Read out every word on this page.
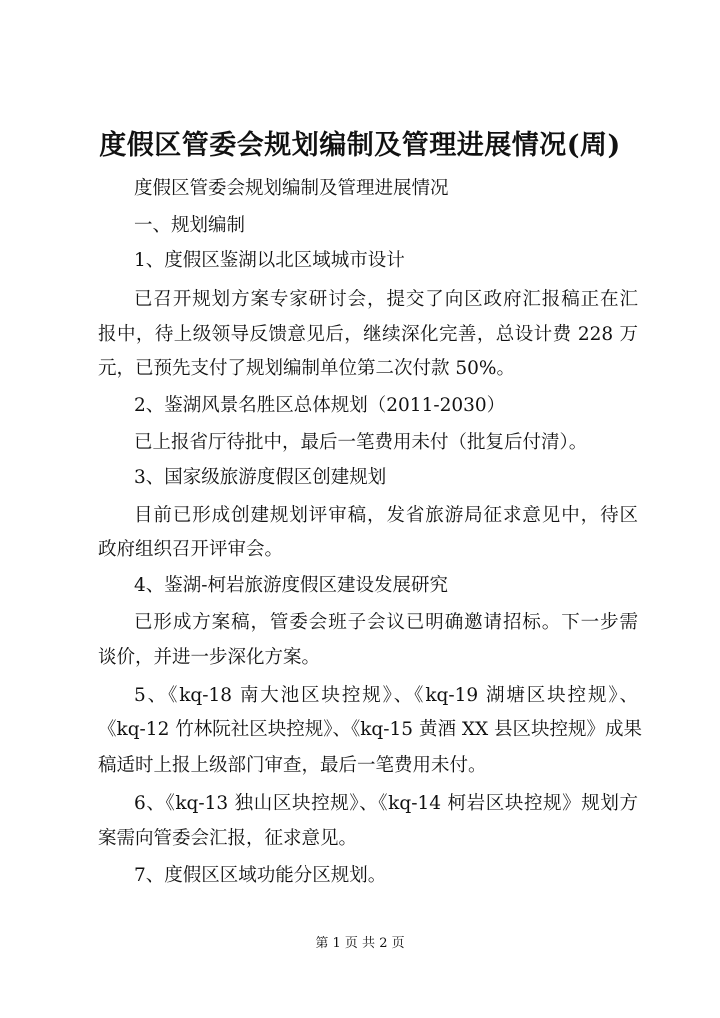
度假区管委会规划编制及管理进展情况(周)
度假区管委会规划编制及管理进展情况
一、规划编制
1、度假区鉴湖以北区域城市设计
已召开规划方案专家研讨会，提交了向区政府汇报稿正在汇
报中，待上级领导反馈意见后，继续深化完善，总设计费 228 万
元，已预先支付了规划编制单位第二次付款 50%。
2、鉴湖风景名胜区总体规划（2011-2030）
已上报省厅待批中，最后一笔费用未付（批复后付清）。
3、国家级旅游度假区创建规划
目前已形成创建规划评审稿，发省旅游局征求意见中，待区
政府组织召开评审会。
4、鉴湖-柯岩旅游度假区建设发展研究
已形成方案稿，管委会班子会议已明确邀请招标。下一步需
谈价，并进一步深化方案。
5、《kq-18 南大池区块控规》、《kq-19 湖塘区块控规》、
《kq-12 竹林阮社区块控规》、《kq-15 黄酒 XX 县区块控规》成果
稿适时上报上级部门审查，最后一笔费用未付。
6、《kq-13 独山区块控规》、《kq-14 柯岩区块控规》规划方
案需向管委会汇报，征求意见。
7、度假区区域功能分区规划。
第 1 页 共 2 页
